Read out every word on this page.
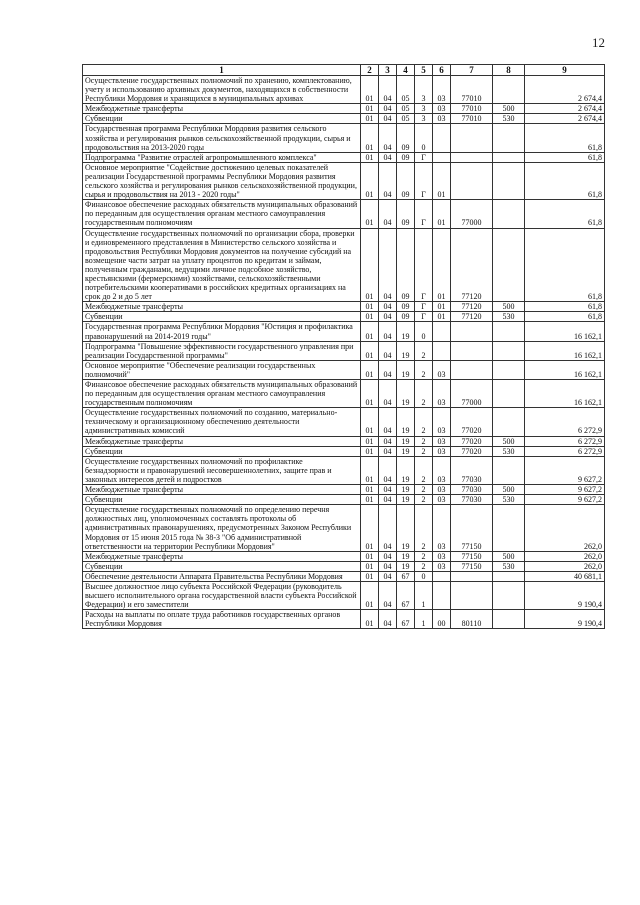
12
1	2	3	4	5	6	7	8	9
Осуществление государственных полномочий по хранению, комплектованию, учету и использованию архивных документов, находящихся в собственности Республики Мордовия и хранящихся в муниципальных архивах	01	04	05	3	03	77010		2 674,4
Межбюджетные трансферты	01	04	05	3	03	77010	500	2 674,4
Субвенции	01	04	05	3	03	77010	530	2 674,4
Государственная программа Республики Мордовия развития сельского хозяйства и регулирования рынков сельскохозяйственной продукции, сырья и продовольствия на 2013-2020 годы	01	04	09	0				61,8
Подпрограмма "Развитие отраслей агропромышленного комплекса"	01	04	09	Г				61,8
Основное мероприятие "Содействие достижению целевых показателей реализации Государственной программы Республики Мордовия развития сельского хозяйства и регулирования рынков сельскохозяйственной продукции, сырья и продовольствия на 2013 - 2020 годы"	01	04	09	Г	01			61,8
Финансовое обеспечение расходных обязательств муниципальных образований по переданным для осуществления органам местного самоуправления государственным полномочиям	01	04	09	Г	01	77000		61,8
Осуществление государственных полномочий по организации сбора, проверки и единовременного представления в Министерство сельского хозяйства и продовольствия Республики Мордовия документов на получение субсидий на возмещение части затрат на уплату процентов по кредитам и займам, полученным гражданами, ведущими личное подсобное хозяйство, крестьянскими (фермерскими) хозяйствами, сельскохозяйственными потребительскими кооперативами в российских кредитных организациях на срок до 2 и до 5 лет	01	04	09	Г	01	77120		61,8
Межбюджетные трансферты	01	04	09	Г	01	77120	500	61,8
Субвенции	01	04	09	Г	01	77120	530	61,8
Государственная программа Республики Мордовия "Юстиция и профилактика правонарушений на 2014-2019 годы"	01	04	19	0				16 162,1
Подпрограмма "Повышение эффективности государственного управления при реализации Государственной программы"	01	04	19	2				16 162,1
Основное мероприятие "Обеспечение реализации государственных полномочий"	01	04	19	2	03			16 162,1
Финансовое обеспечение расходных обязательств муниципальных образований по переданным для осуществления органам местного самоуправления государственным полномочиям	01	04	19	2	03	77000		16 162,1
Осуществление государственных полномочий по созданию, материально-техническому и организационному обеспечению деятельности административных комиссий	01	04	19	2	03	77020		6 272,9
Межбюджетные трансферты	01	04	19	2	03	77020	500	6 272,9
Субвенции	01	04	19	2	03	77020	530	6 272,9
Осуществление государственных полномочий по профилактике безнадзорности и правонарушений несовершеннолетних, защите прав и законных интересов детей и подростков	01	04	19	2	03	77030		9 627,2
Межбюджетные трансферты	01	04	19	2	03	77030	500	9 627,2
Субвенции	01	04	19	2	03	77030	530	9 627,2
Осуществление государственных полномочий по определению перечня должностных лиц, уполномоченных составлять протоколы об административных правонарушениях, предусмотренных Законом Республики Мордовия от 15 июня 2015 года № 38-З "Об административной ответственности на территории Республики Мордовия"	01	04	19	2	03	77150		262,0
Межбюджетные трансферты	01	04	19	2	03	77150	500	262,0
Субвенции	01	04	19	2	03	77150	530	262,0
Обеспечение деятельности Аппарата Правительства Республики Мордовия	01	04	67	0				40 681,1
Высшее должностное лицо субъекта Российской Федерации (руководитель высшего исполнительного органа государственной власти субъекта Российской Федерации) и его заместители	01	04	67	1				9 190,4
Расходы на выплаты по оплате труда работников государственных органов Республики Мордовия	01	04	67	1	00	80110		9 190,4
